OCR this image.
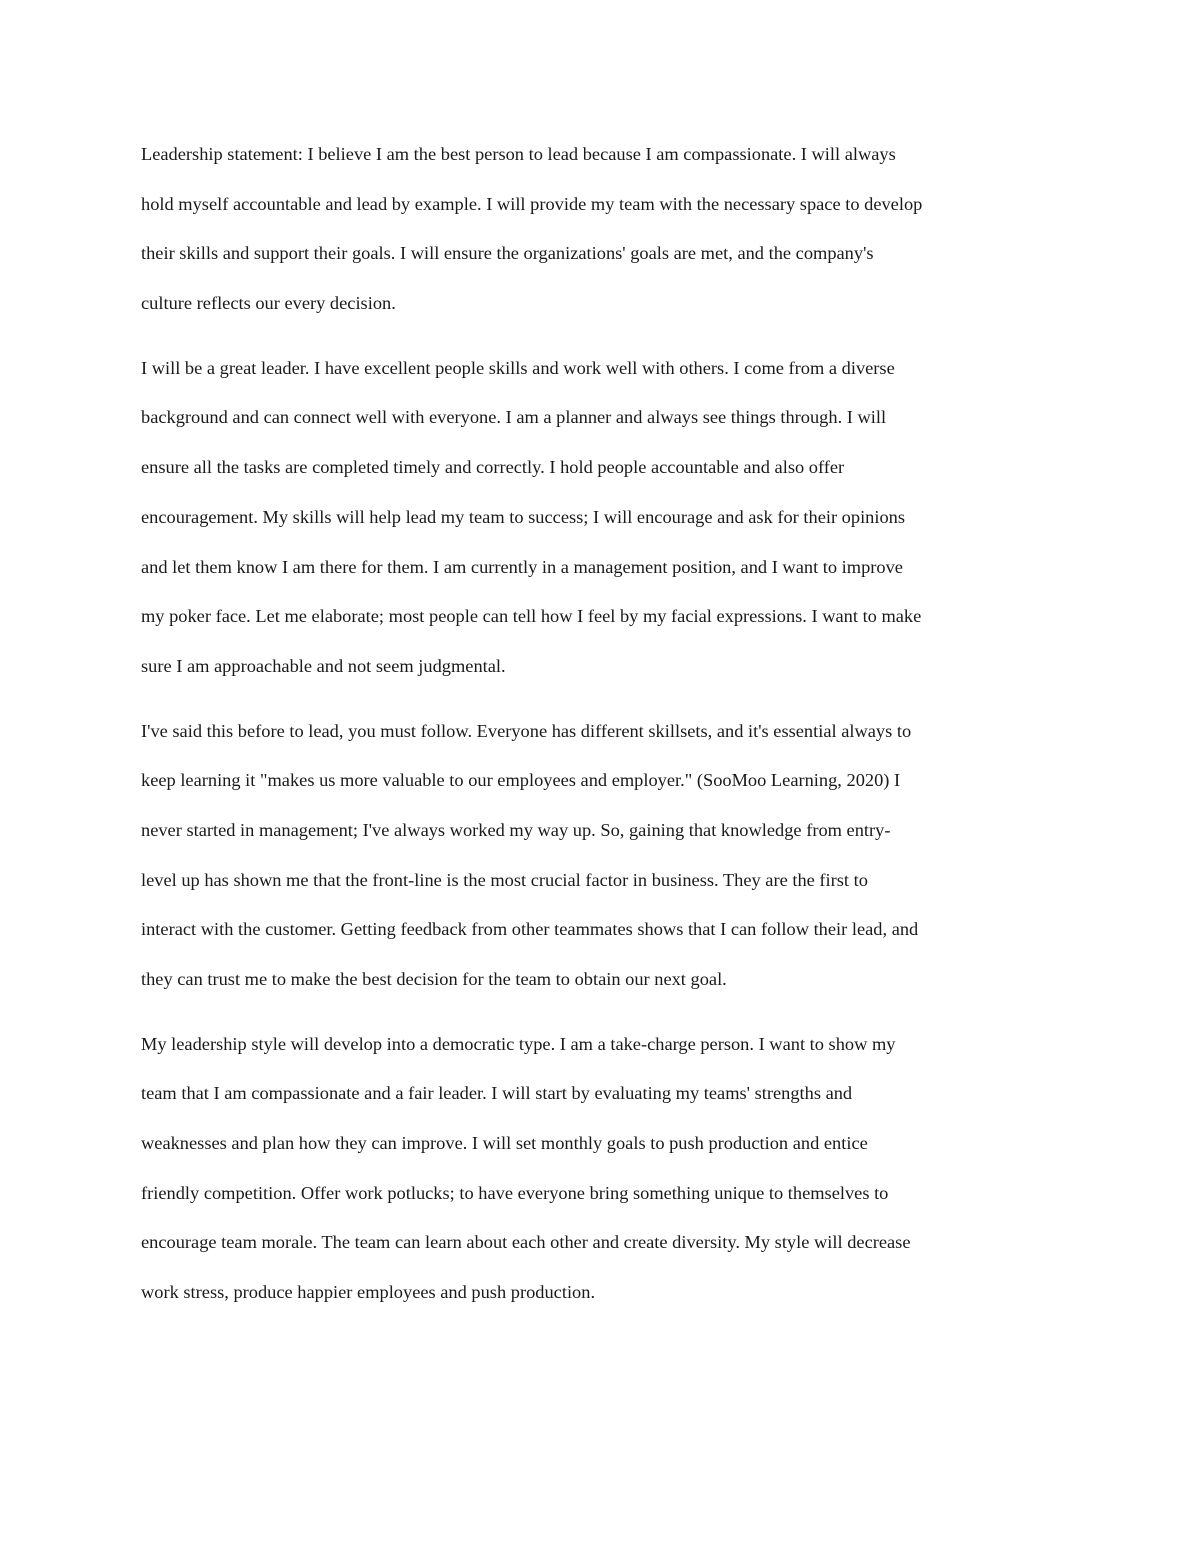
Leadership statement: I believe I am the best person to lead because I am compassionate. I will always
hold myself accountable and lead by example. I will provide my team with the necessary space to develop
their skills and support their goals. I will ensure the organizations' goals are met, and the company's
culture reflects our every decision.

I will be a great leader. I have excellent people skills and work well with others. I come from a diverse
background and can connect well with everyone. I am a planner and always see things through. I will
ensure all the tasks are completed timely and correctly. I hold people accountable and also offer
encouragement. My skills will help lead my team to success; I will encourage and ask for their opinions
and let them know I am there for them. I am currently in a management position, and I want to improve
my poker face. Let me elaborate; most people can tell how I feel by my facial expressions. I want to make
sure I am approachable and not seem judgmental.

I've said this before to lead, you must follow. Everyone has different skillsets, and it's essential always to
keep learning it "makes us more valuable to our employees and employer." (SooMoo Learning, 2020) I
never started in management; I've always worked my way up. So, gaining that knowledge from entry-
level up has shown me that the front-line is the most crucial factor in business. They are the first to
interact with the customer. Getting feedback from other teammates shows that I can follow their lead, and
they can trust me to make the best decision for the team to obtain our next goal.

My leadership style will develop into a democratic type. I am a take-charge person. I want to show my
team that I am compassionate and a fair leader. I will start by evaluating my teams' strengths and
weaknesses and plan how they can improve. I will set monthly goals to push production and entice
friendly competition. Offer work potlucks; to have everyone bring something unique to themselves to
encourage team morale. The team can learn about each other and create diversity. My style will decrease
work stress, produce happier employees and push production.
